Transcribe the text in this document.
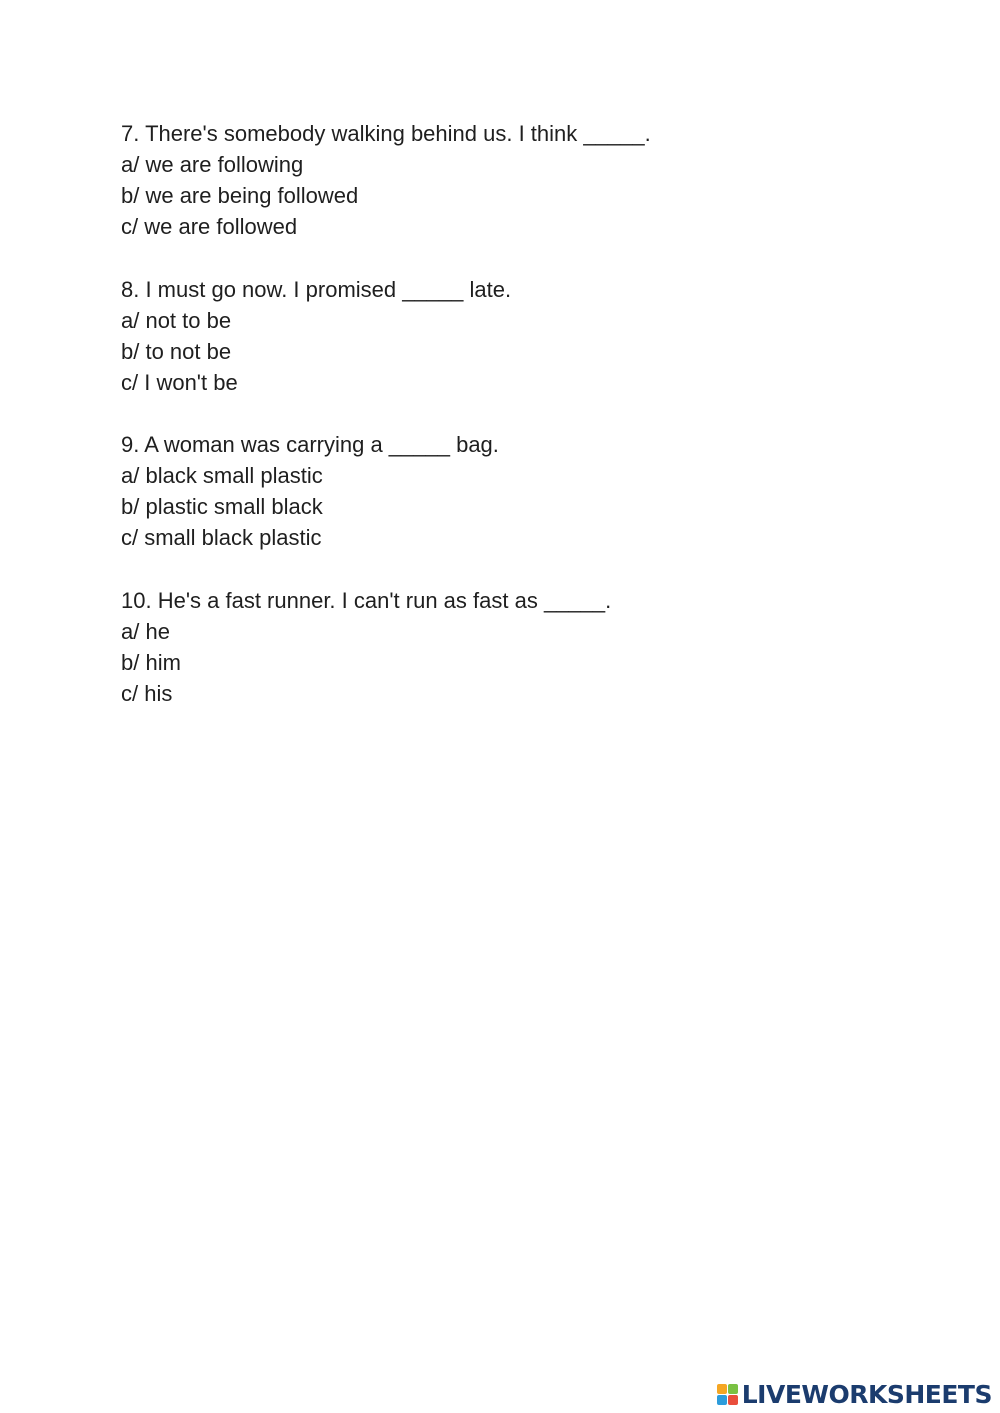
7. There's somebody walking behind us. I think _____.
a/ we are following
b/ we are being followed
c/ we are followed
8. I must go now. I promised _____ late.
a/ not to be
b/ to not be
c/ I won't be
9. A woman was carrying a _____ bag.
a/ black small plastic
b/ plastic small black
c/ small black plastic
10. He's a fast runner. I can't run as fast as _____.
a/ he
b/ him
c/ his
LIVEWORKSHEETS
